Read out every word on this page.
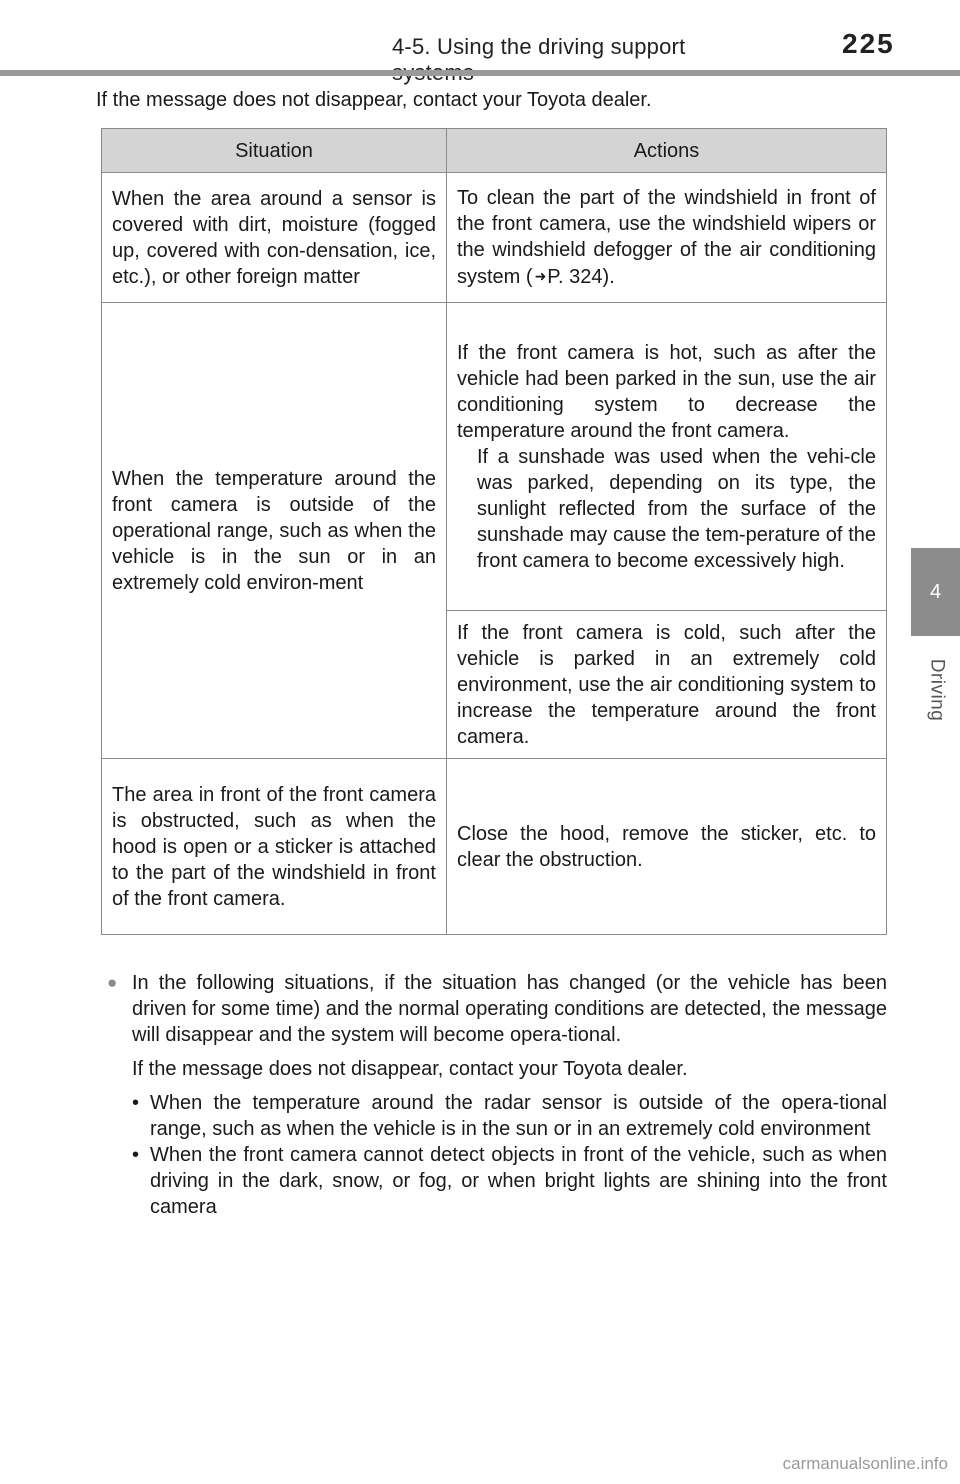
4-5. Using the driving support	225
4
Driving
If the message does not disappear, contact your Toyota dealer.
Situation	Actions

When the area around a sensor is covered with dirt, moisture (fogged up, covered with con-densation, ice, etc.), or other foreign matter	To clean the part of the windshield in front of the front camera, use the windshield wipers or the windshield defogger of the air conditioning system ( ➜P. 324).

When the temperature around the front camera is outside of the operational range, such as when the vehicle is in the sun or in an extremely cold environ-ment	If the front camera is hot, such as after the vehicle had been parked in the sun, use the air conditioning system to decrease the temperature around the front camera.
If a sunshade was used when the vehi-cle was parked, depending on its type, the sunlight reflected from the surface of the sunshade may cause the tem-perature of the front camera to become excessively high.

	If the front camera is cold, such after the vehicle is parked in an extremely cold environment, use the air conditioning system to increase the temperature around the front camera.

The area in front of the front camera is obstructed, such as when the hood is open or a sticker is attached to the part of the windshield in front of the front camera.	Close the hood, remove the sticker, etc. to clear the obstruction.
● In the following situations, if the situation has changed (or the vehicle has been driven for some time) and the normal operating conditions are detected, the message will disappear and the system will become opera-tional.
If the message does not disappear, contact your Toyota dealer.
• When the temperature around the radar sensor is outside of the opera-tional range, such as when the vehicle is in the sun or in an extremely cold environment
• When the front camera cannot detect objects in front of the vehicle, such as when driving in the dark, snow, or fog, or when bright lights are shining into the front camera
carmanualsonline.info
